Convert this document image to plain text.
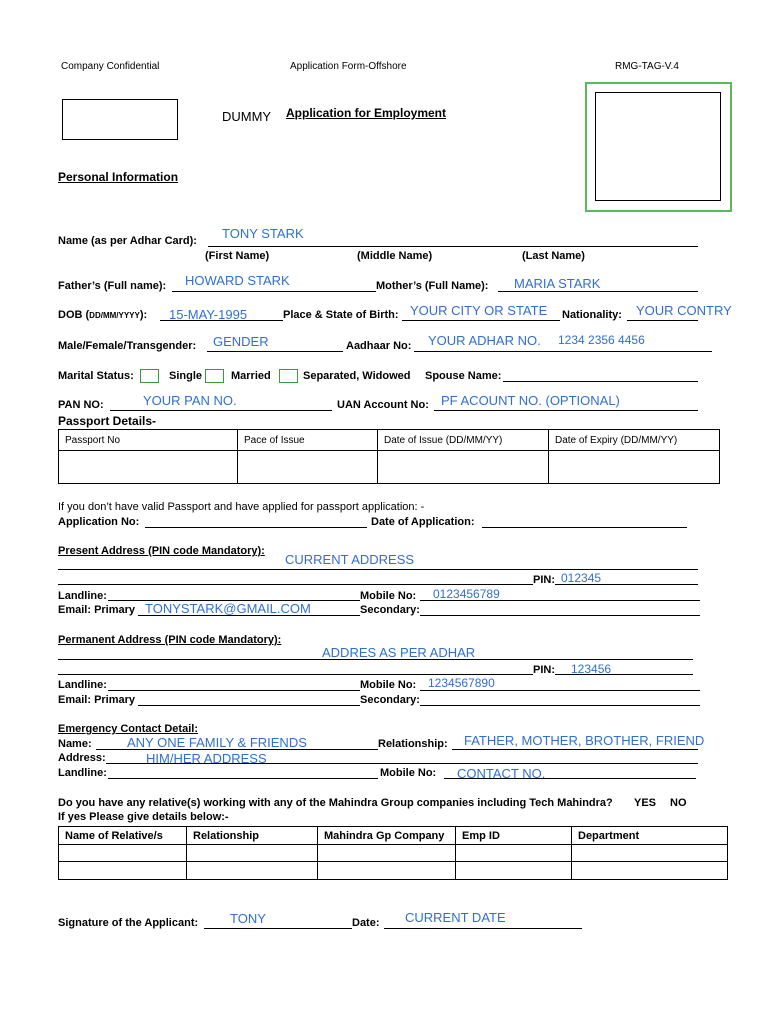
Company Confidential	Application Form-Offshore	RMG-TAG-V.4
DUMMY Application for Employment
Personal Information
Name (as per Adhar Card): TONY STARK
(First Name)	(Middle Name)	(Last Name)
Father’s (Full name): HOWARD STARK	Mother’s (Full Name): MARIA STARK
DOB (DD/MM/YYYY): 15-MAY-1995	Place & State of Birth: YOUR CITY OR STATE Nationality: YOUR CONTRY
Male/Female/Transgender: GENDER	Aadhaar No: YOUR ADHAR NO. 1234 2356 4456
Marital Status:	Single	Married	Separated, Widowed Spouse Name:
PAN NO:	YOUR PAN NO.	UAN Account No: PF ACOUNT NO. (OPTIONAL)
Passport Details-
Passport No	Pace of Issue	Date of Issue (DD/MM/YY)	Date of Expiry (DD/MM/YY)

If you don’t have valid Passport and have applied for passport application: -
Application No:	Date of Application:
Present Address (PIN code Mandatory):
CURRENT ADDRESS
PIN: 012345
Landline:	Mobile No: 0123456789
Email: Primary TONYSTARK@GMAIL.COM	Secondary:
Permanent Address (PIN code Mandatory):
ADDRES AS PER ADHAR
PIN: 123456
Landline:	Mobile No: 1234567890
Email: Primary	Secondary:
Emergency Contact Detail:
Name:	ANY ONE FAMILY & FRIENDS	Relationship: FATHER, MOTHER, BROTHER, FRIEND
Address:	HIM/HER ADDRESS
Landline:	Mobile No: CONTACT NO.
Do you have any relative(s) working with any of the Mahindra Group companies including Tech Mahindra? YES NO
If yes Please give details below:-
Name of Relative/s	Relationship	Mahindra Gp Company	Emp ID	Department

Signature of the Applicant: TONY	Date: CURRENT DATE
